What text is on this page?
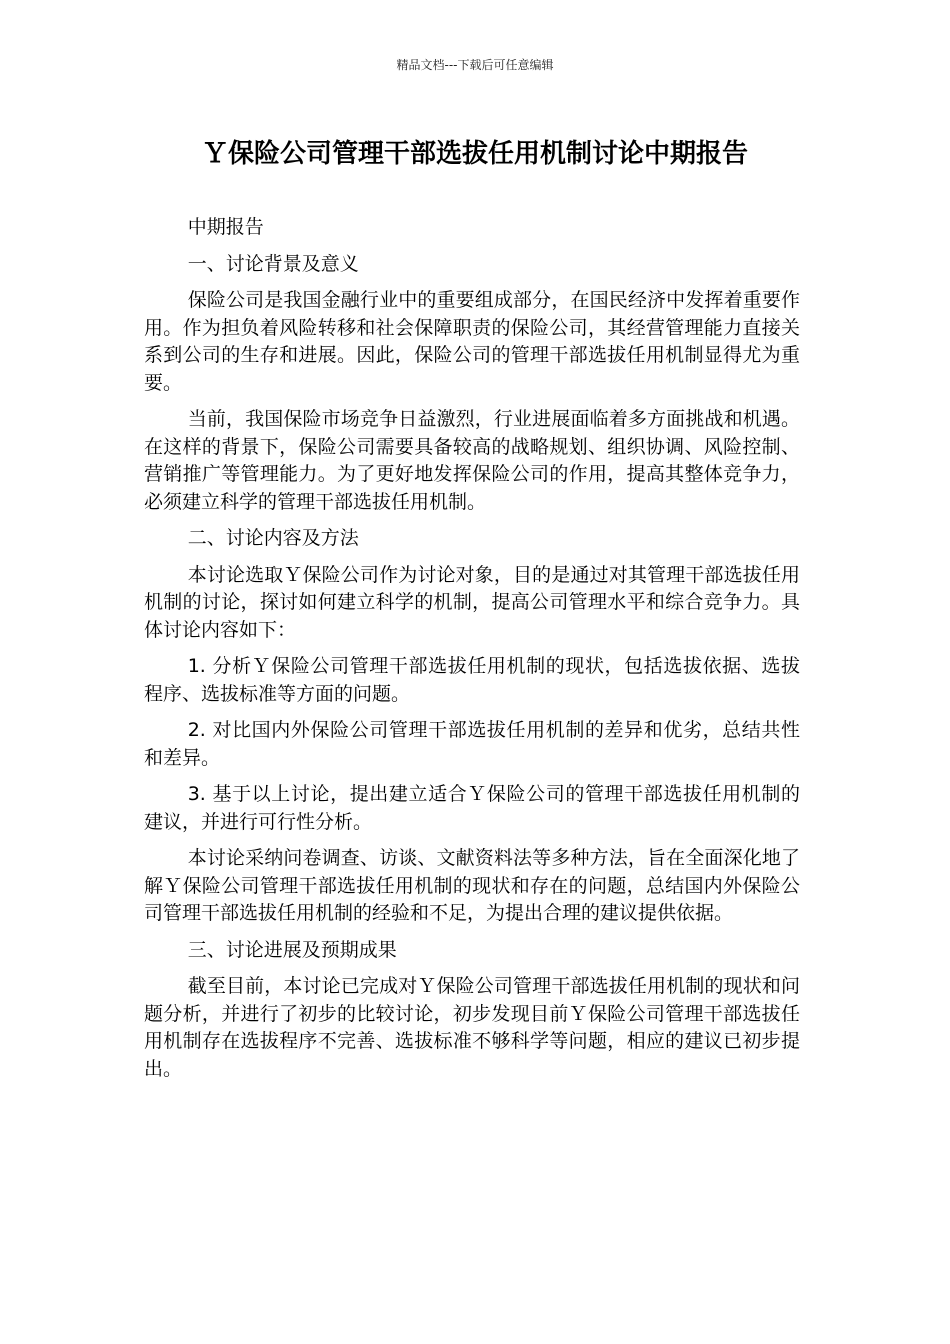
精品文档---下载后可任意编辑
Ｙ保险公司管理干部选拔任用机制讨论中期报告

中期报告

一、讨论背景及意义

保险公司是我国金融行业中的重要组成部分，在国民经济中发挥着重要作用。作为担负着风险转移和社会保障职责的保险公司，其经营管理能力直接关系到公司的生存和进展。因此，保险公司的管理干部选拔任用机制显得尤为重要。

当前，我国保险市场竞争日益激烈，行业进展面临着多方面挑战和机遇。在这样的背景下，保险公司需要具备较高的战略规划、组织协调、风险控制、营销推广等管理能力。为了更好地发挥保险公司的作用，提高其整体竞争力，必须建立科学的管理干部选拔任用机制。

二、讨论内容及方法

本讨论选取Ｙ保险公司作为讨论对象，目的是通过对其管理干部选拔任用机制的讨论，探讨如何建立科学的机制，提高公司管理水平和综合竞争力。具体讨论内容如下：

1. 分析Ｙ保险公司管理干部选拔任用机制的现状，包括选拔依据、选拔程序、选拔标准等方面的问题。

2. 对比国内外保险公司管理干部选拔任用机制的差异和优劣，总结共性和差异。

3. 基于以上讨论，提出建立适合Ｙ保险公司的管理干部选拔任用机制的建议，并进行可行性分析。

本讨论采纳问卷调查、访谈、文献资料法等多种方法，旨在全面深化地了解Ｙ保险公司管理干部选拔任用机制的现状和存在的问题，总结国内外保险公司管理干部选拔任用机制的经验和不足，为提出合理的建议提供依据。

三、讨论进展及预期成果

截至目前，本讨论已完成对Ｙ保险公司管理干部选拔任用机制的现状和问题分析，并进行了初步的比较讨论，初步发现目前Ｙ保险公司管理干部选拔任用机制存在选拔程序不完善、选拔标准不够科学等问题，相应的建议已初步提出。
